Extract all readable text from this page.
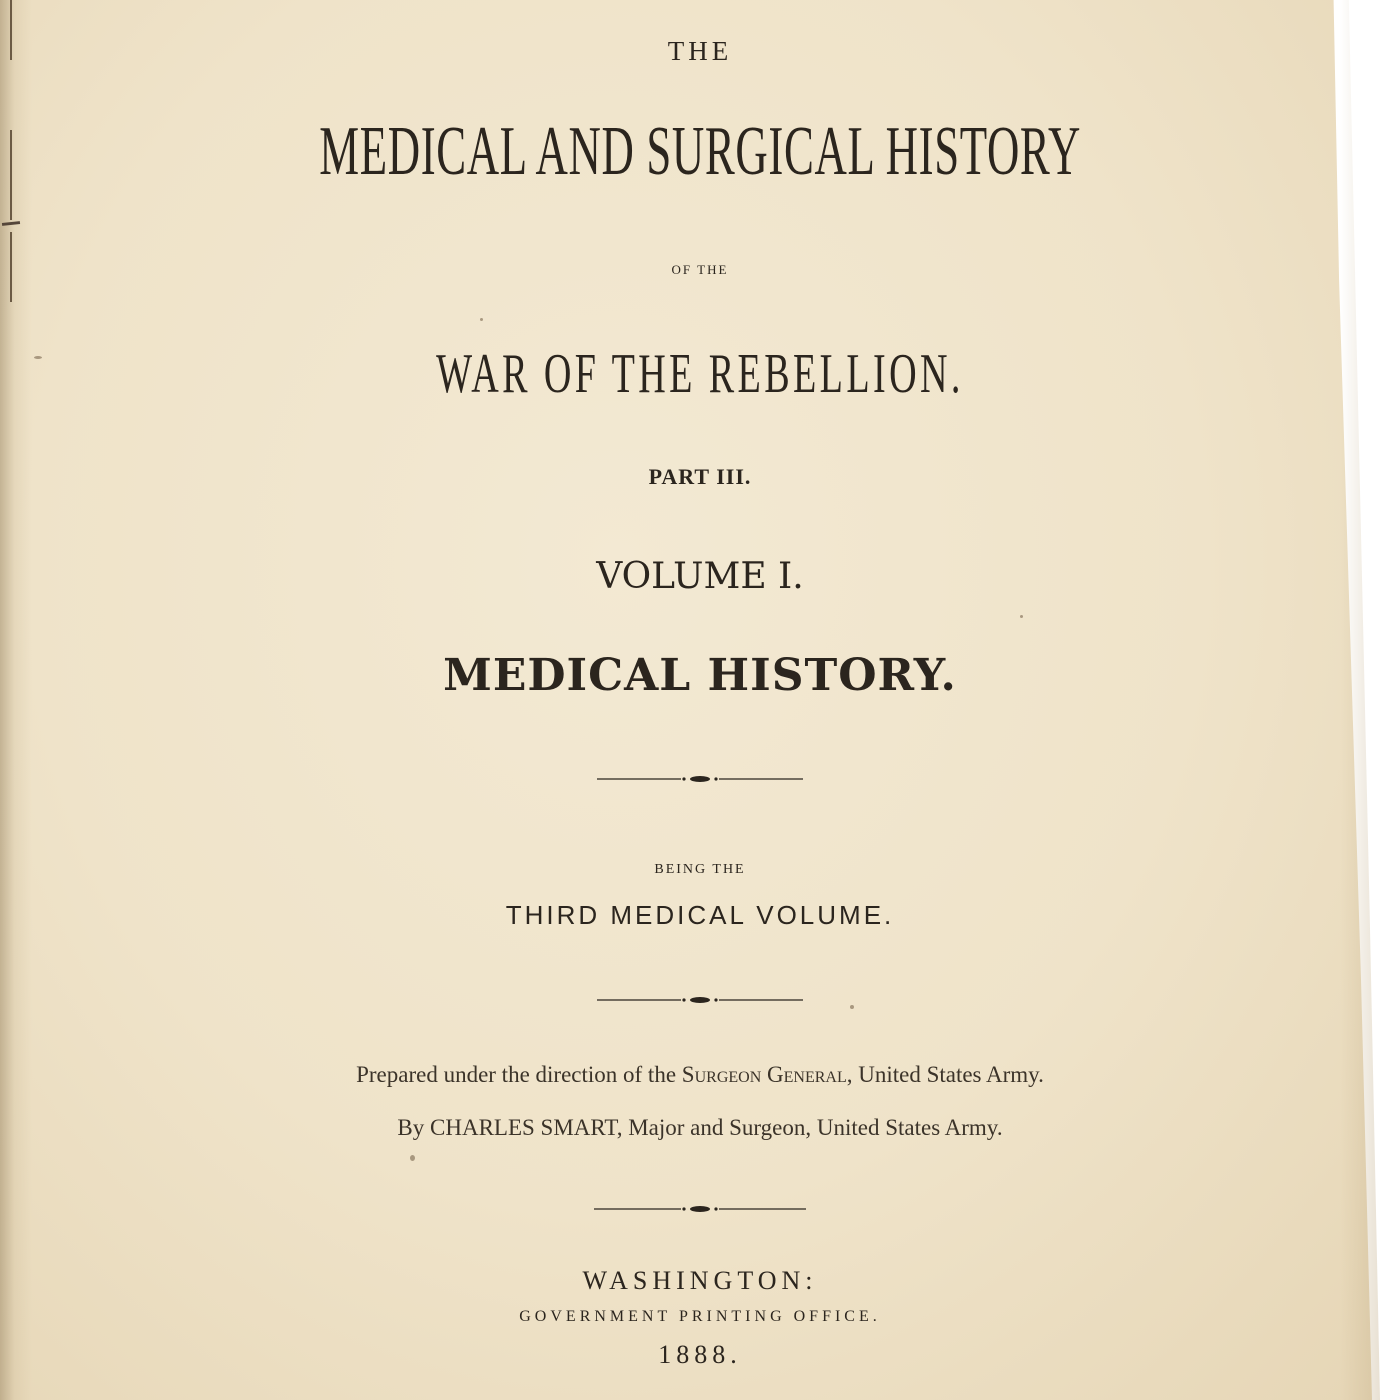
THE
MEDICAL AND SURGICAL HISTORY
OF THE
WAR OF THE REBELLION.
PART III.
VOLUME I.
MEDICAL HISTORY.
BEING THE
THIRD MEDICAL VOLUME.
Prepared under the direction of the Surgeon General, United States Army.
By CHARLES SMART, Major and Surgeon, United States Army.
WASHINGTON:
GOVERNMENT PRINTING OFFICE.
1888.
